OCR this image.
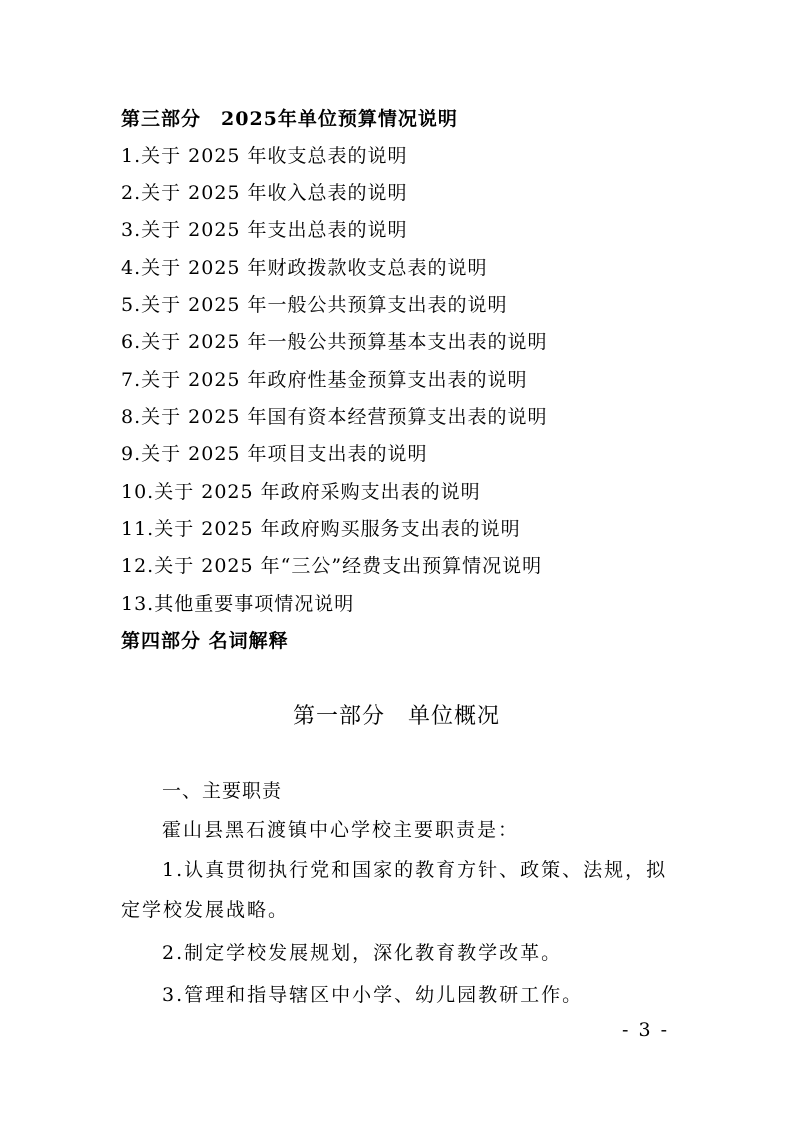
第三部分　2025年单位预算情况说明
1.关于 2025 年收支总表的说明
2.关于 2025 年收入总表的说明
3.关于 2025 年支出总表的说明
4.关于 2025 年财政拨款收支总表的说明
5.关于 2025 年一般公共预算支出表的说明
6.关于 2025 年一般公共预算基本支出表的说明
7.关于 2025 年政府性基金预算支出表的说明
8.关于 2025 年国有资本经营预算支出表的说明
9.关于 2025 年项目支出表的说明
10.关于 2025 年政府采购支出表的说明
11.关于 2025 年政府购买服务支出表的说明
12.关于 2025 年“三公”经费支出预算情况说明
13.其他重要事项情况说明
第四部分 名词解释
第一部分　单位概况
一、主要职责
霍山县黑石渡镇中心学校主要职责是：
1.认真贯彻执行党和国家的教育方针、政策、法规，拟
定学校发展战略。
2.制定学校发展规划，深化教育教学改革。
3.管理和指导辖区中小学、幼儿园教研工作。
- 3 -
